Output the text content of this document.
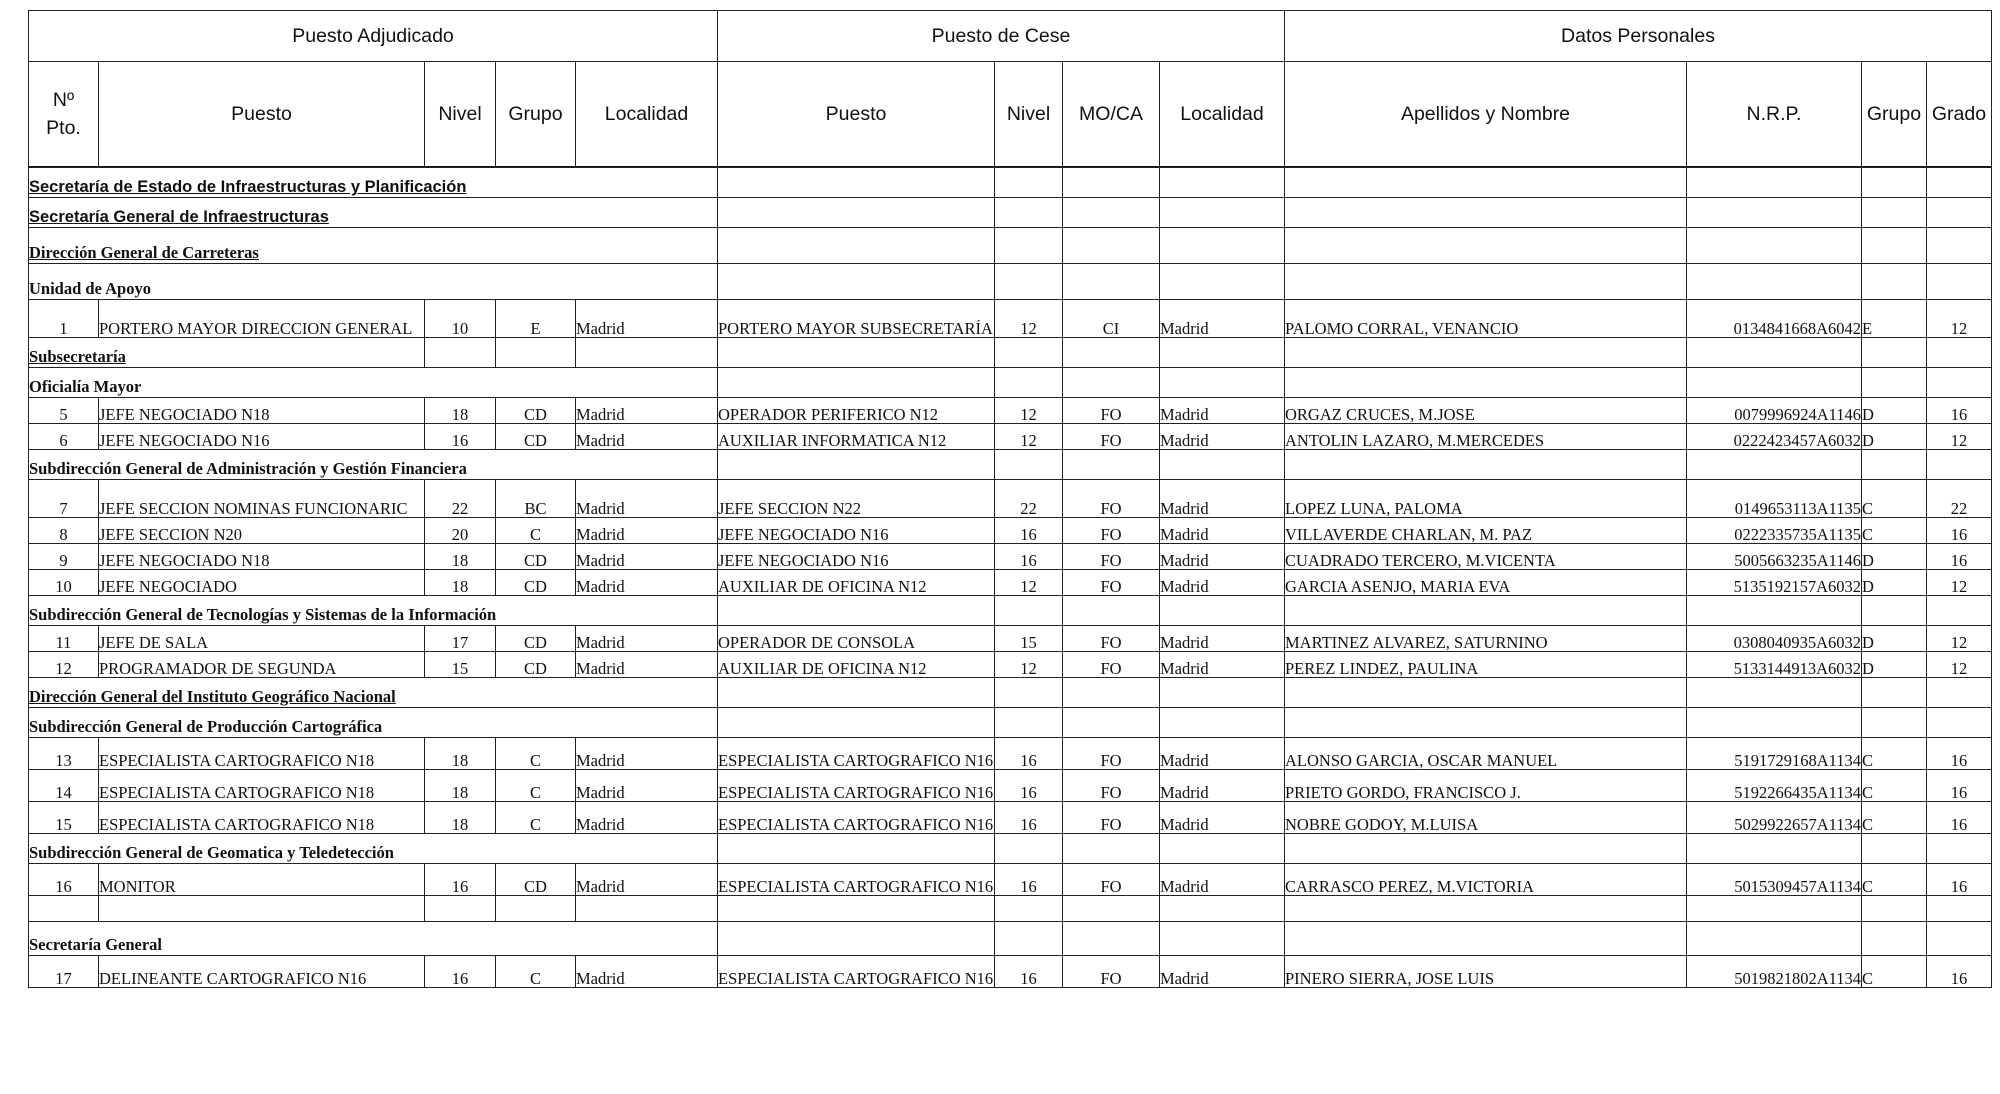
Puesto Adjudicado					Puesto de Cese				Datos Personales			

Nº Pto.	Puesto	Nivel	Grupo	Localidad	Puesto	Nivel	MO/CA	Localidad	Apellidos y Nombre	N.R.P.	Grupo	Grado
Secretaría de Estado de Infraestructuras y Planificación												
Secretaría General de Infraestructuras												
Dirección General de Carreteras												
Unidad de Apoyo												

1	PORTERO MAYOR DIRECCION GENERAL	10	E	Madrid	PORTERO MAYOR SUBSECRETARÍA	12	CI	Madrid	PALOMO CORRAL, VENANCIO	0134841668A6042	E	12

Subsecretaría												
Oficialía Mayor												

5	JEFE NEGOCIADO N18	18	CD	Madrid	OPERADOR PERIFERICO N12	12	FO	Madrid	ORGAZ CRUCES, M.JOSE	0079996924A1146	D	16

6	JEFE NEGOCIADO N16	16	CD	Madrid	AUXILIAR INFORMATICA N12	12	FO	Madrid	ANTOLIN LAZARO, M.MERCEDES	0222423457A6032	D	12

Subdirección General de Administración y Gestión Financiera												

7	JEFE SECCION NOMINAS FUNCIONARIC	22	BC	Madrid	JEFE SECCION N22	22	FO	Madrid	LOPEZ LUNA, PALOMA	0149653113A1135	C	22

8	JEFE SECCION N20	20	C	Madrid	JEFE NEGOCIADO N16	16	FO	Madrid	VILLAVERDE CHARLAN, M. PAZ	0222335735A1135	C	16

9	JEFE NEGOCIADO N18	18	CD	Madrid	JEFE NEGOCIADO N16	16	FO	Madrid	CUADRADO TERCERO, M.VICENTA	5005663235A1146	D	16

10	JEFE NEGOCIADO	18	CD	Madrid	AUXILIAR DE OFICINA N12	12	FO	Madrid	GARCIA ASENJO, MARIA EVA	5135192157A6032	D	12

Subdirección General de Tecnologías y Sistemas de la Información												

11	JEFE DE SALA	17	CD	Madrid	OPERADOR DE CONSOLA	15	FO	Madrid	MARTINEZ ALVAREZ, SATURNINO	0308040935A6032	D	12

12	PROGRAMADOR DE SEGUNDA	15	CD	Madrid	AUXILIAR DE OFICINA N12	12	FO	Madrid	PEREZ LINDEZ, PAULINA	5133144913A6032	D	12

Dirección General del Instituto Geográfico Nacional												
Subdirección General de Producción Cartográfica												

13	ESPECIALISTA CARTOGRAFICO N18	18	C	Madrid	ESPECIALISTA CARTOGRAFICO N16	16	FO	Madrid	ALONSO GARCIA, OSCAR MANUEL	5191729168A1134	C	16

14	ESPECIALISTA CARTOGRAFICO N18	18	C	Madrid	ESPECIALISTA CARTOGRAFICO N16	16	FO	Madrid	PRIETO GORDO, FRANCISCO J.	5192266435A1134	C	16

15	ESPECIALISTA CARTOGRAFICO N18	18	C	Madrid	ESPECIALISTA CARTOGRAFICO N16	16	FO	Madrid	NOBRE GODOY, M.LUISA	5029922657A1134	C	16

Subdirección General de Geomatica y Teledetección												

16	MONITOR	16	CD	Madrid	ESPECIALISTA CARTOGRAFICO N16	16	FO	Madrid	CARRASCO PEREZ, M.VICTORIA	5015309457A1134	C	16

Secretaría General												

17	DELINEANTE CARTOGRAFICO N16	16	C	Madrid	ESPECIALISTA CARTOGRAFICO N16	16	FO	Madrid	PINERO SIERRA, JOSE LUIS	5019821802A1134	C	16
